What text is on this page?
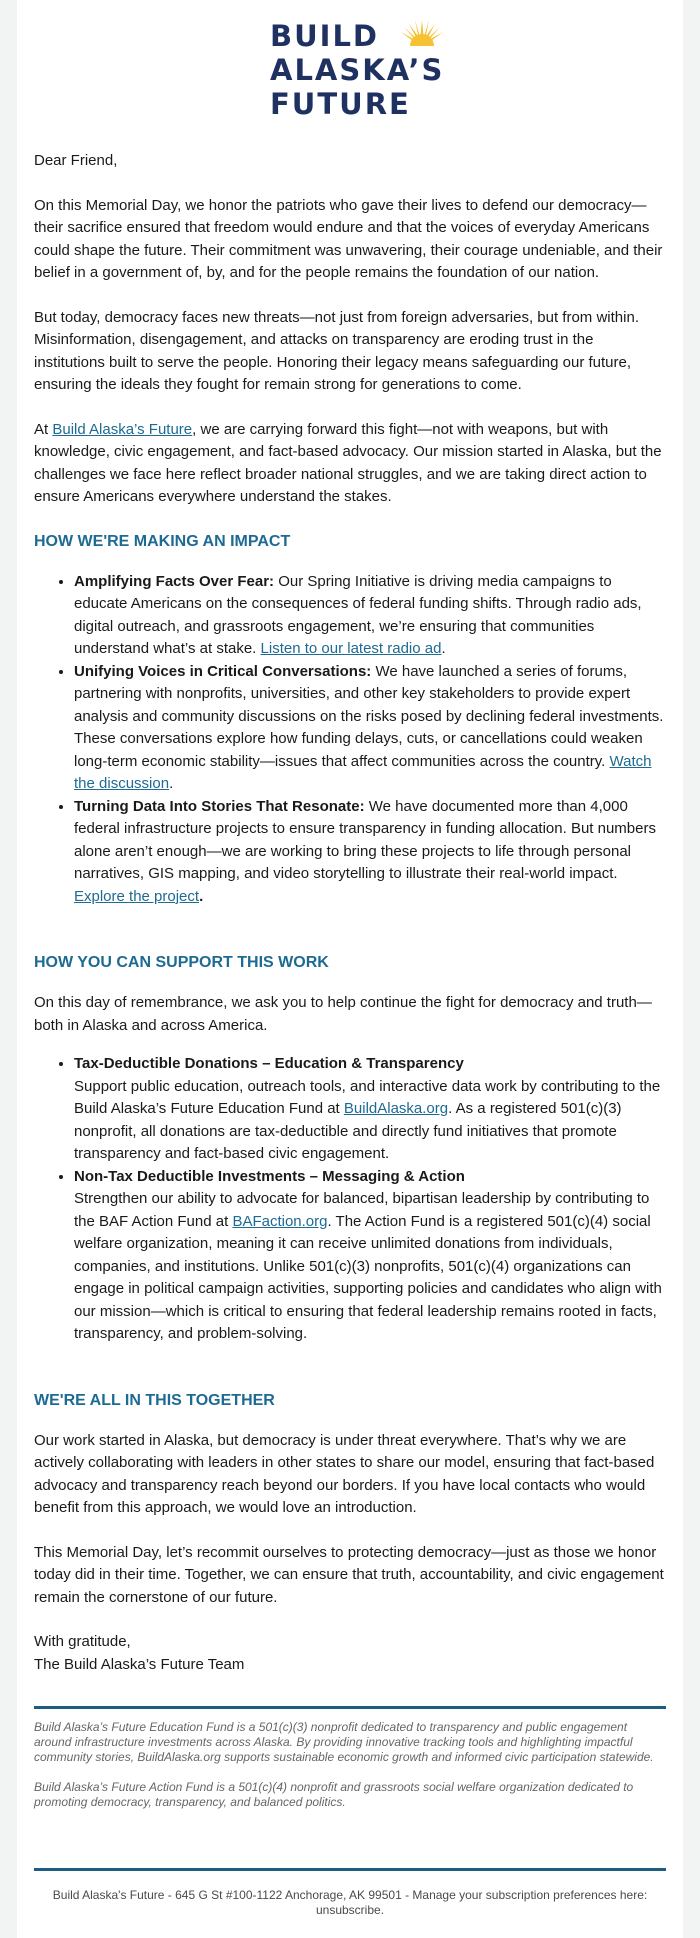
BUILD
ALASKA’S
FUTURE

Dear Friend,

On this Memorial Day, we honor the patriots who gave their lives to defend our democracy—their sacrifice ensured that freedom would endure and that the voices of everyday Americans could shape the future. Their commitment was unwavering, their courage undeniable, and their belief in a government of, by, and for the people remains the foundation of our nation.

But today, democracy faces new threats—not just from foreign adversaries, but from within. Misinformation, disengagement, and attacks on transparency are eroding trust in the institutions built to serve the people. Honoring their legacy means safeguarding our future, ensuring the ideals they fought for remain strong for generations to come.

At Build Alaska’s Future, we are carrying forward this fight—not with weapons, but with knowledge, civic engagement, and fact-based advocacy. Our mission started in Alaska, but the challenges we face here reflect broader national struggles, and we are taking direct action to ensure Americans everywhere understand the stakes.

HOW WE'RE MAKING AN IMPACT
• Amplifying Facts Over Fear: Our Spring Initiative is driving media campaigns to educate Americans on the consequences of federal funding shifts. Through radio ads, digital outreach, and grassroots engagement, we’re ensuring that communities understand what’s at stake. Listen to our latest radio ad.
• Unifying Voices in Critical Conversations: We have launched a series of forums, partnering with nonprofits, universities, and other key stakeholders to provide expert analysis and community discussions on the risks posed by declining federal investments. These conversations explore how funding delays, cuts, or cancellations could weaken long-term economic stability—issues that affect communities across the country. Watch the discussion.
• Turning Data Into Stories That Resonate: We have documented more than 4,000 federal infrastructure projects to ensure transparency in funding allocation. But numbers alone aren’t enough—we are working to bring these projects to life through personal narratives, GIS mapping, and video storytelling to illustrate their real-world impact. Explore the project.
HOW YOU CAN SUPPORT THIS WORK

On this day of remembrance, we ask you to help continue the fight for democracy and truth—both in Alaska and across America.

• Tax-Deductible Donations – Education & Transparency
Support public education, outreach tools, and interactive data work by contributing to the Build Alaska’s Future Education Fund at BuildAlaska.org. As a registered 501(c)(3) nonprofit, all donations are tax-deductible and directly fund initiatives that promote transparency and fact-based civic engagement.
• Non-Tax Deductible Investments – Messaging & Action
Strengthen our ability to advocate for balanced, bipartisan leadership by contributing to the BAF Action Fund at BAFaction.org. The Action Fund is a registered 501(c)(4) social welfare organization, meaning it can receive unlimited donations from individuals, companies, and institutions. Unlike 501(c)(3) nonprofits, 501(c)(4) organizations can engage in political campaign activities, supporting policies and candidates who align with our mission—which is critical to ensuring that federal leadership remains rooted in facts, transparency, and problem-solving.
WE'RE ALL IN THIS TOGETHER

Our work started in Alaska, but democracy is under threat everywhere. That’s why we are actively collaborating with leaders in other states to share our model, ensuring that fact-based advocacy and transparency reach beyond our borders. If you have local contacts who would benefit from this approach, we would love an introduction.

This Memorial Day, let’s recommit ourselves to protecting democracy—just as those we honor today did in their time. Together, we can ensure that truth, accountability, and civic engagement remain the cornerstone of our future.

With gratitude,
The Build Alaska’s Future Team

Build Alaska’s Future Education Fund is a 501(c)(3) nonprofit dedicated to transparency and public engagement around infrastructure investments across Alaska. By providing innovative tracking tools and highlighting impactful community stories, BuildAlaska.org supports sustainable economic growth and informed civic participation statewide.

Build Alaska’s Future Action Fund is a 501(c)(4) nonprofit and grassroots social welfare organization dedicated to promoting democracy, transparency, and balanced politics.

Build Alaska's Future - 645 G St #100-1122 Anchorage, AK 99501 - Manage your subscription preferences here: unsubscribe.
